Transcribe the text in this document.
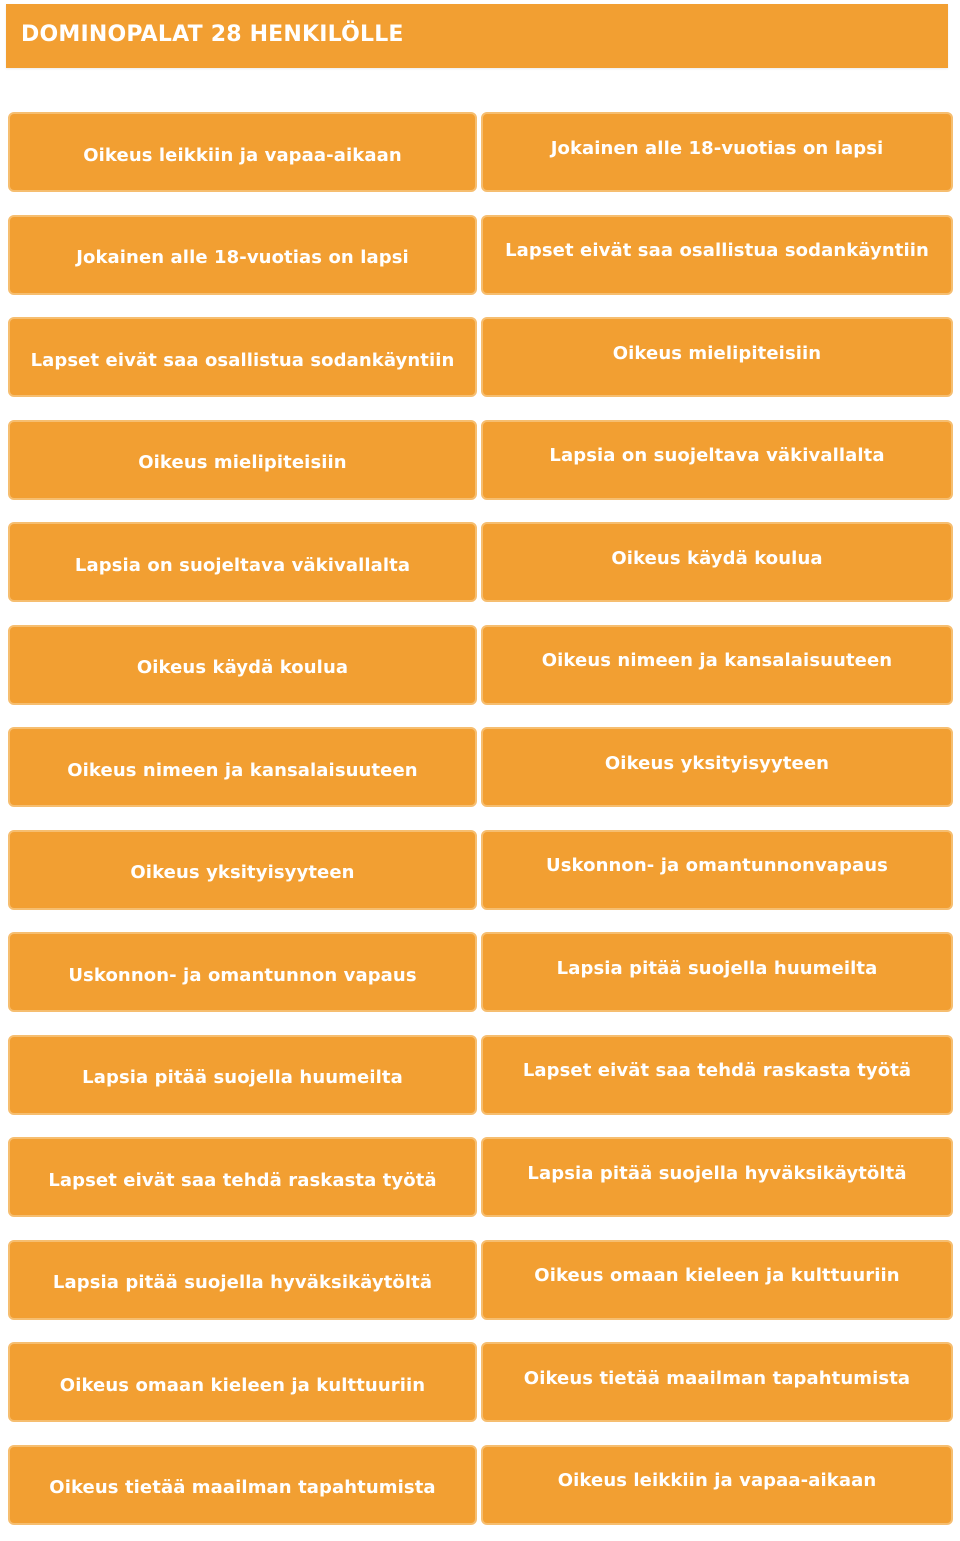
DOMINOPALAT 28 HENKILÖLLE
Oikeus leikkiin ja vapaa-aikaan	Jokainen alle 18-vuotias on lapsi
Jokainen alle 18-vuotias on lapsi	Lapset eivät saa osallistua sodankäyntiin
Lapset eivät saa osallistua sodankäyntiin	Oikeus mielipiteisiin
Oikeus mielipiteisiin	Lapsia on suojeltava väkivallalta
Lapsia on suojeltava väkivallalta	Oikeus käydä koulua
Oikeus käydä koulua	Oikeus nimeen ja kansalaisuuteen
Oikeus nimeen ja kansalaisuuteen	Oikeus yksityisyyteen
Oikeus yksityisyyteen	Uskonnon- ja omantunnonvapaus
Uskonnon- ja omantunnon vapaus	Lapsia pitää suojella huumeilta
Lapsia pitää suojella huumeilta	Lapset eivät saa tehdä raskasta työtä
Lapset eivät saa tehdä raskasta työtä	Lapsia pitää suojella hyväksikäytöltä
Lapsia pitää suojella hyväksikäytöltä	Oikeus omaan kieleen ja kulttuuriin
Oikeus omaan kieleen ja kulttuuriin	Oikeus tietää maailman tapahtumista
Oikeus tietää maailman tapahtumista	Oikeus leikkiin ja vapaa-aikaan
